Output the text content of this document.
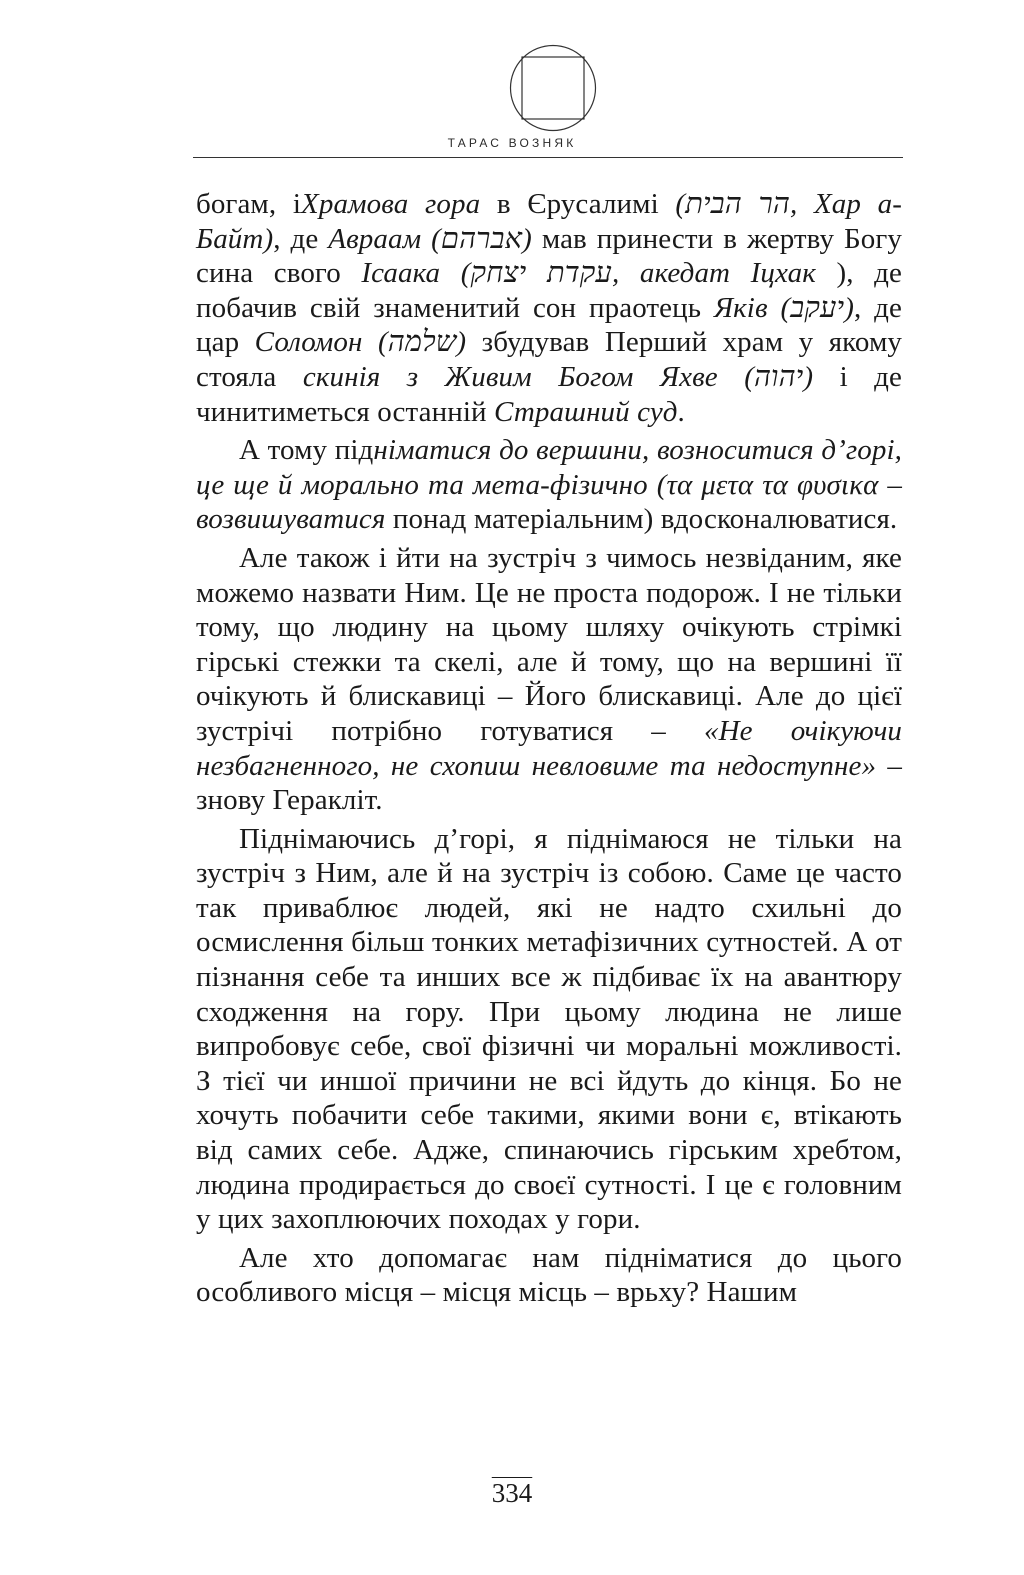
ТАРАС ВОЗНЯК

богам, іХрамова гора в Єрусалимі (הר הבית, Хар а-Байт), де Авраам (אברהם) мав принести в жертву Богу сина свого Ісаака (עקדת יצחק, акедат Іцхак ), де побачив свій знаменитий сон праотець Яків (יעקב), де цар Соломон (שלמה) збудував Перший храм у якому стояла скинія з Живим Богом Яхве (יהוה) і де чинитиметься останній Страшний суд.

А тому підніматися до вершини, возноситися д’горі, це ще й морально та мета-фізично (τα μετα τα φυσικα – возвишуватися понад матеріальним) вдосконалюватися.

Але також і йти на зустріч з чимось незвіданим, яке можемо назвати Ним. Це не проста подорож. І не тільки тому, що людину на цьому шляху очікують стрімкі гірські стежки та скелі, але й тому, що на вершині її очікують й блискавиці – Його блискавиці. Але до цієї зустрічі потрібно готуватися – «Не очікуючи незбагненного, не схопиш невловиме та недоступне» – знову Геракліт.

Піднімаючись д’горі, я піднімаюся не тільки на зустріч з Ним, але й на зустріч із собою. Саме це часто так приваблює людей, які не надто схильні до осмислення більш тонких метафізичних сутностей. А от пізнання себе та инших все ж підбиває їх на авантюру сходження на гору. При цьому людина не лише випробовує себе, свої фізичні чи моральні можливості. З тієї чи иншої причини не всі йдуть до кінця. Бо не хочуть побачити себе такими, якими вони є, втікають від самих себе. Адже, спинаючись гірським хребтом, людина продирається до своєї сутності. І це є головним у цих захоплюючих походах у гори.

Але хто допомагає нам підніматися до цього особливого місця – місця місць – врьху? Нашим

334
